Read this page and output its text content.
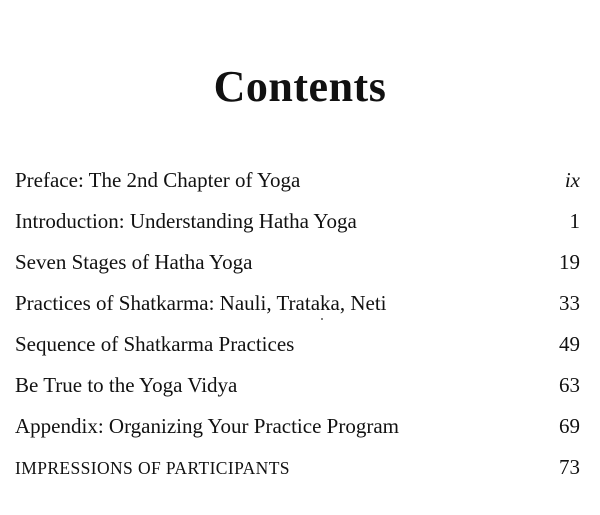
Contents
Preface: The 2nd Chapter of Yoga	ix
Introduction: Understanding Hatha Yoga	1
Seven Stages of Hatha Yoga	19
Practices of Shatkarma: Nauli, Trataka, Neti	33
Sequence of Shatkarma Practices	49
Be True to the Yoga Vidya	63
Appendix: Organizing Your Practice Program	69
IMPRESSIONS OF PARTICIPANTS	73
